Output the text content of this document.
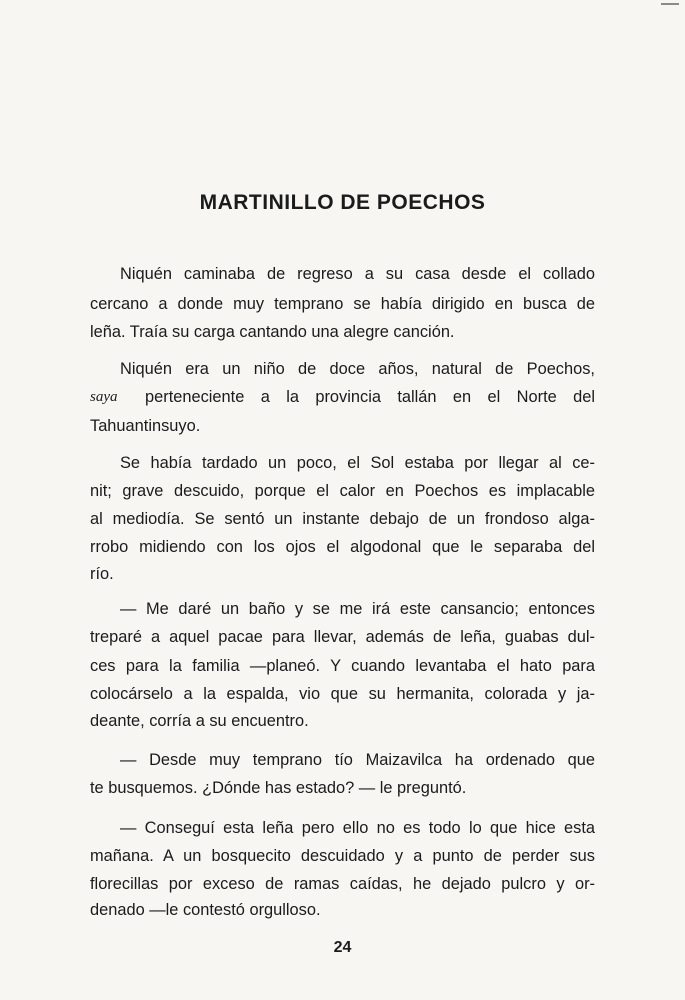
MARTINILLO DE POECHOS
Niquén caminaba de regreso a su casa desde el collado
cercano a donde muy temprano se había dirigido en busca de
leña. Traía su carga cantando una alegre canción.
Niquén era un niño de doce años, natural de Poechos,
saya perteneciente a la provincia tallán en el Norte del
Tahuantinsuyo.
Se había tardado un poco, el Sol estaba por llegar al ce-
nit; grave descuido, porque el calor en Poechos es implacable
al mediodía. Se sentó un instante debajo de un frondoso alga-
rrobo midiendo con los ojos el algodonal que le separaba del
río.
— Me daré un baño y se me irá este cansancio; entonces
treparé a aquel pacae para llevar, además de leña, guabas dul-
ces para la familia —planeó. Y cuando levantaba el hato para
colocárselo a la espalda, vio que su hermanita, colorada y ja-
deante, corría a su encuentro.
— Desde muy temprano tío Maizavilca ha ordenado que
te busquemos. ¿Dónde has estado? — le preguntó.
— Conseguí esta leña pero ello no es todo lo que hice esta
mañana. A un bosquecito descuidado y a punto de perder sus
florecillas por exceso de ramas caídas, he dejado pulcro y or-
denado —le contestó orgulloso.
24
